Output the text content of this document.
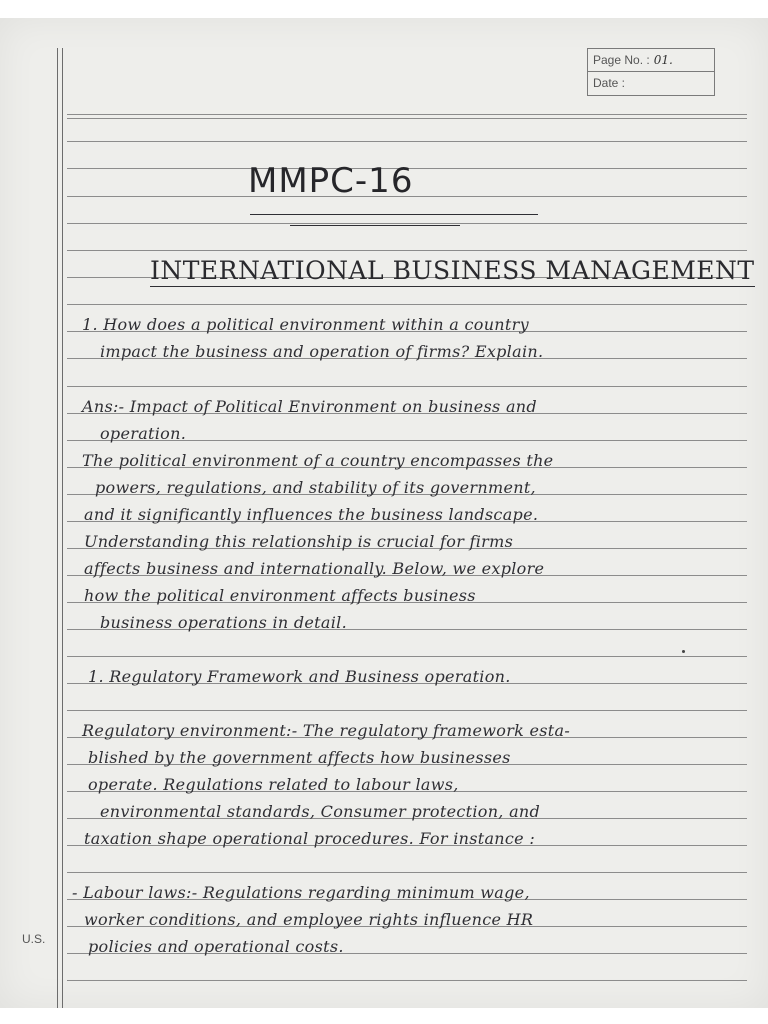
Page No. : 01.
Date :
MMPC-16
INTERNATIONAL BUSINESS MANAGEMENT
1. How does a political environment within a country
impact the business and operation of firms? Explain.
Ans:- Impact of Political Environment on business and
operation.
The political environment of a country encompasses the
powers, regulations, and stability of its government,
and it significantly influences the business landscape.
Understanding this relationship is crucial for firms
affects business and internationally. Below, we explore
how the political environment affects business
business operations in detail.
1. Regulatory Framework and Business operation.
Regulatory environment:- The regulatory framework esta-
blished by the government affects how businesses
operate. Regulations related to labour laws,
environmental standards, Consumer protection, and
taxation shape operational procedures. For instance :
- Labour laws:- Regulations regarding minimum wage,
worker conditions, and employee rights influence HR
policies and operational costs.
U.S.
